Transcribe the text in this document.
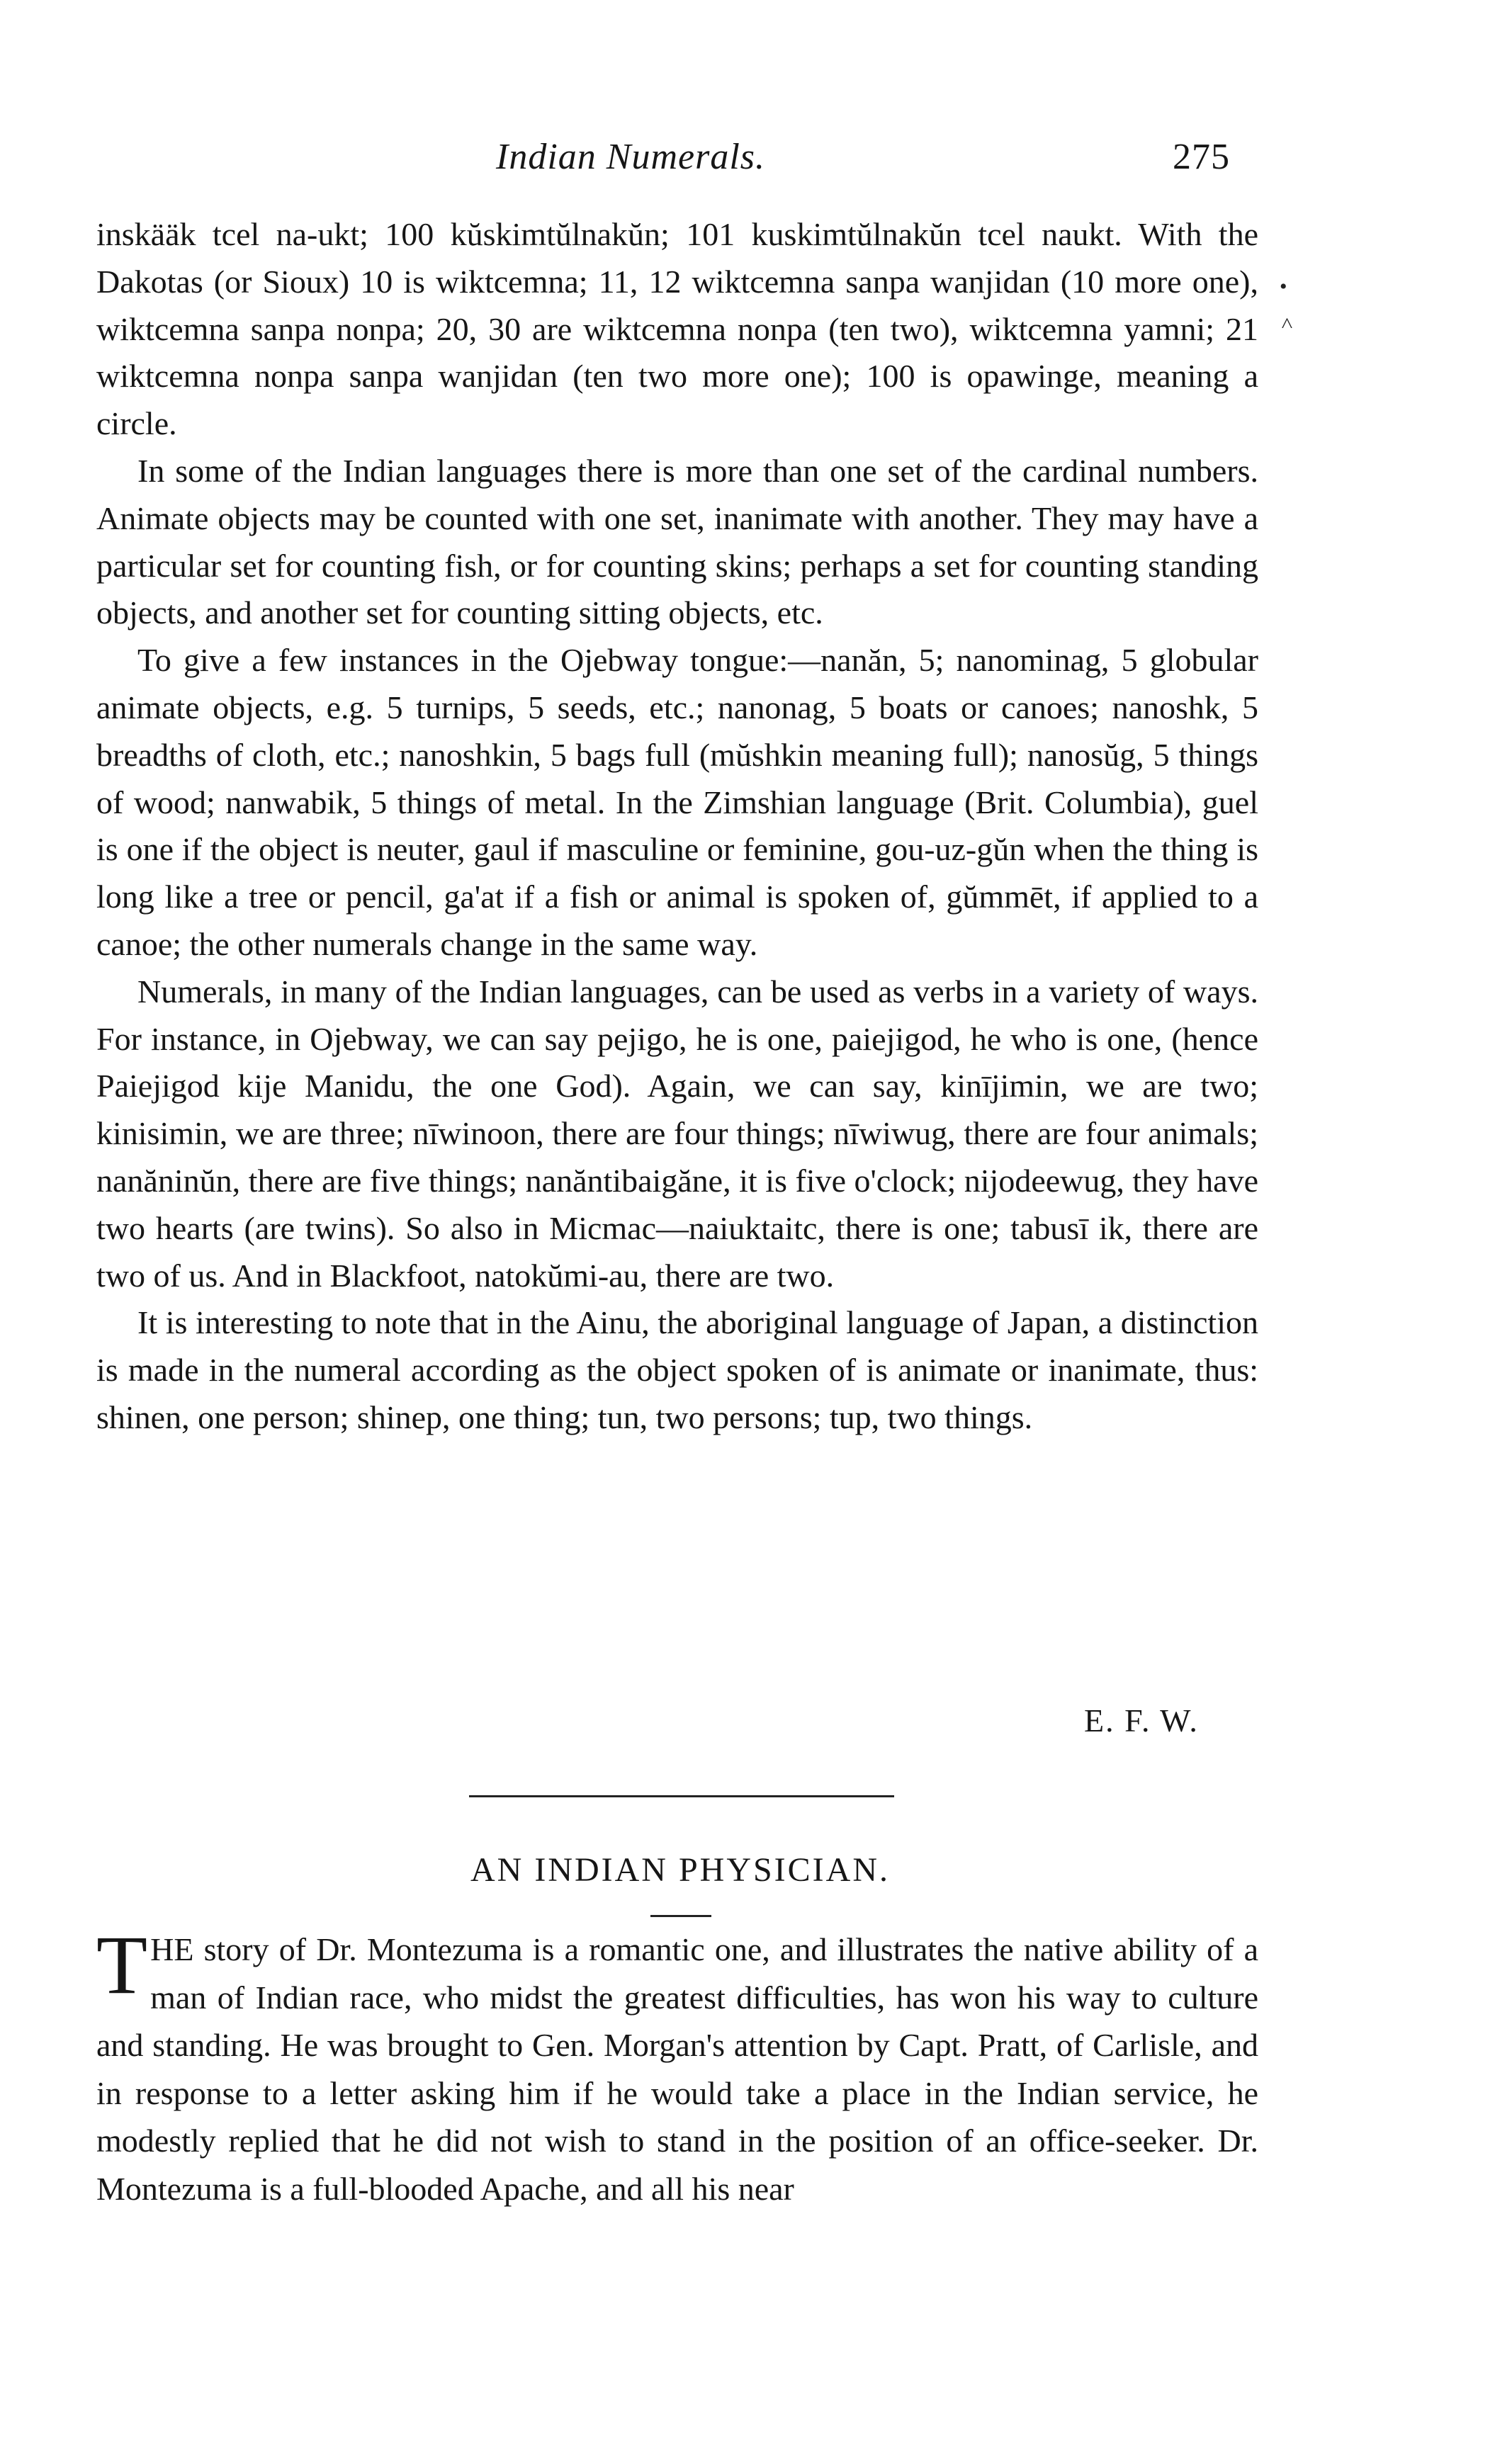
Indian Numerals.	275
•
˄

inskääk tcel na-ukt; 100 kŭskimtŭlnakŭn; 101 kuskimtŭlnakŭn tcel naukt. With the Dakotas (or Sioux) 10 is wiktcemna; 11, 12 wiktcemna sanpa wanjidan (10 more one), wiktcemna sanpa nonpa; 20, 30 are wiktcemna nonpa (ten two), wiktcemna yamni; 21 wiktcemna nonpa sanpa wanjidan (ten two more one); 100 is opawinge, meaning a circle.

In some of the Indian languages there is more than one set of the cardinal numbers. Animate objects may be counted with one set, inanimate with another. They may have a particular set for counting fish, or for counting skins; perhaps a set for counting standing objects, and another set for counting sitting objects, etc.

To give a few instances in the Ojebway tongue:—nanăn, 5; nanominag, 5 globular animate objects, e.g. 5 turnips, 5 seeds, etc.; nanonag, 5 boats or canoes; nanoshk, 5 breadths of cloth, etc.; nanoshkin, 5 bags full (mŭshkin meaning full); nanosŭg, 5 things of wood; nanwabik, 5 things of metal. In the Zimshian language (Brit. Columbia), guel is one if the object is neuter, gaul if masculine or feminine, gou-uz-gŭn when the thing is long like a tree or pencil, ga'at if a fish or animal is spoken of, gŭmmēt, if applied to a canoe; the other numerals change in the same way.

Numerals, in many of the Indian languages, can be used as verbs in a variety of ways. For instance, in Ojebway, we can say pejigo, he is one, paiejigod, he who is one, (hence Paiejigod kije Manidu, the one God). Again, we can say, kinījimin, we are two; kinisimin, we are three; nīwinoon, there are four things; nīwiwug, there are four animals; nanăninŭn, there are five things; nanăntibaigăne, it is five o'clock; nijodeewug, they have two hearts (are twins). So also in Micmac—naiuktaitc, there is one; tabusī ik, there are two of us. And in Blackfoot, natokŭmi-au, there are two.

It is interesting to note that in the Ainu, the aboriginal language of Japan, a distinction is made in the numeral according as the object spoken of is animate or inanimate, thus: shinen, one person; shinep, one thing; tun, two persons; tup, two things.

E. F. W.
AN INDIAN PHYSICIAN.

THE story of Dr. Montezuma is a romantic one, and illustrates the native ability of a man of Indian race, who midst the greatest difficulties, has won his way to culture and standing. He was brought to Gen. Morgan's attention by Capt. Pratt, of Carlisle, and in response to a letter asking him if he would take a place in the Indian service, he modestly replied that he did not wish to stand in the position of an office-seeker. Dr. Montezuma is a full-blooded Apache, and all his near
